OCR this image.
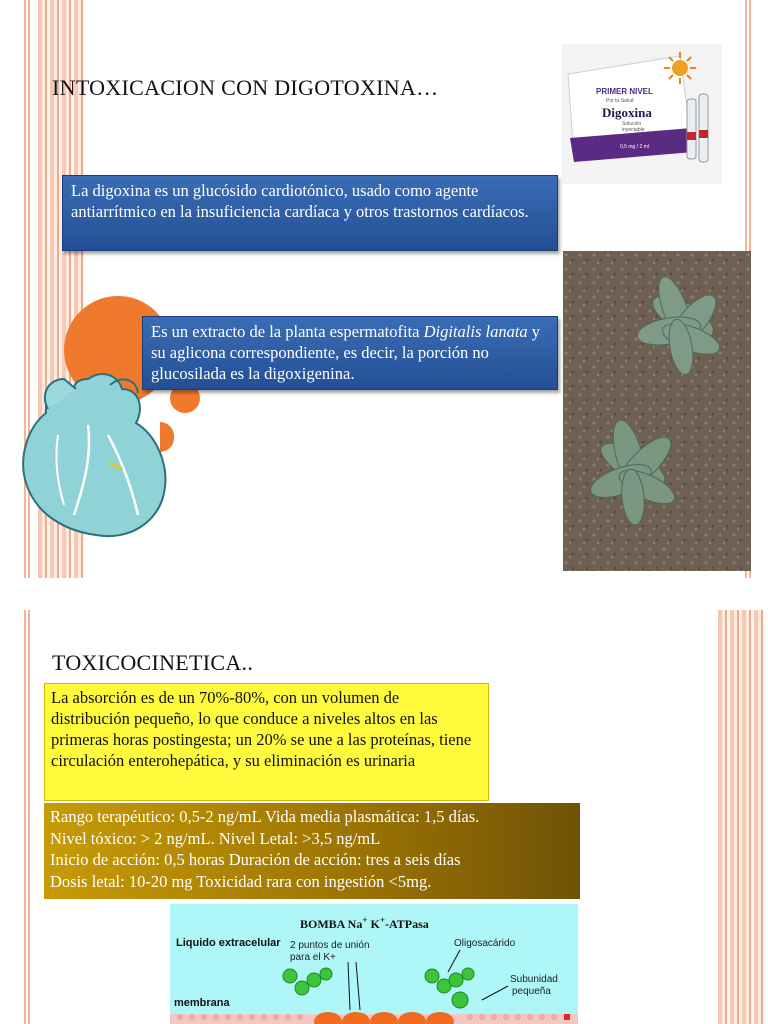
INTOXICACION CON DIGOTOXINA…	PRIMER NIVEL
Por tu Salud
Digoxina
Solución
inyectable
0,5 mg / 2 ml
La digoxina es un glucósido cardiotónico, usado como agente antiarrítmico en la insuficiencia cardíaca y otros trastornos cardíacos.
Es un extracto de la planta espermatofita Digitalis lanata y su aglicona correspondiente, es decir, la porción no glucosilada es la digoxigenina.
TOXICOCINETICA..
La absorción es de un 70%-80%, con un volumen de distribución pequeño, lo que conduce a niveles altos en las primeras horas postingesta; un 20% se une a las proteínas, tiene circulación enterohepática, y su eliminación es urinaria
Rango terapéutico: 0,5-2 ng/mL Vida media plasmática: 1,5 días.
Nivel tóxico: > 2 ng/mL. Nivel Letal: >3,5 ng/mL
Inicio de acción: 0,5 horas Duración de acción: tres a seis días
Dosis letal: 10-20 mg Toxicidad rara con ingestión <5mg.
BOMBA Na+ K+-ATPasa
Liquido extracelular 2 puntos de unión
para el K+
Oligosacárido
Subunidad
pequeña
membrana
